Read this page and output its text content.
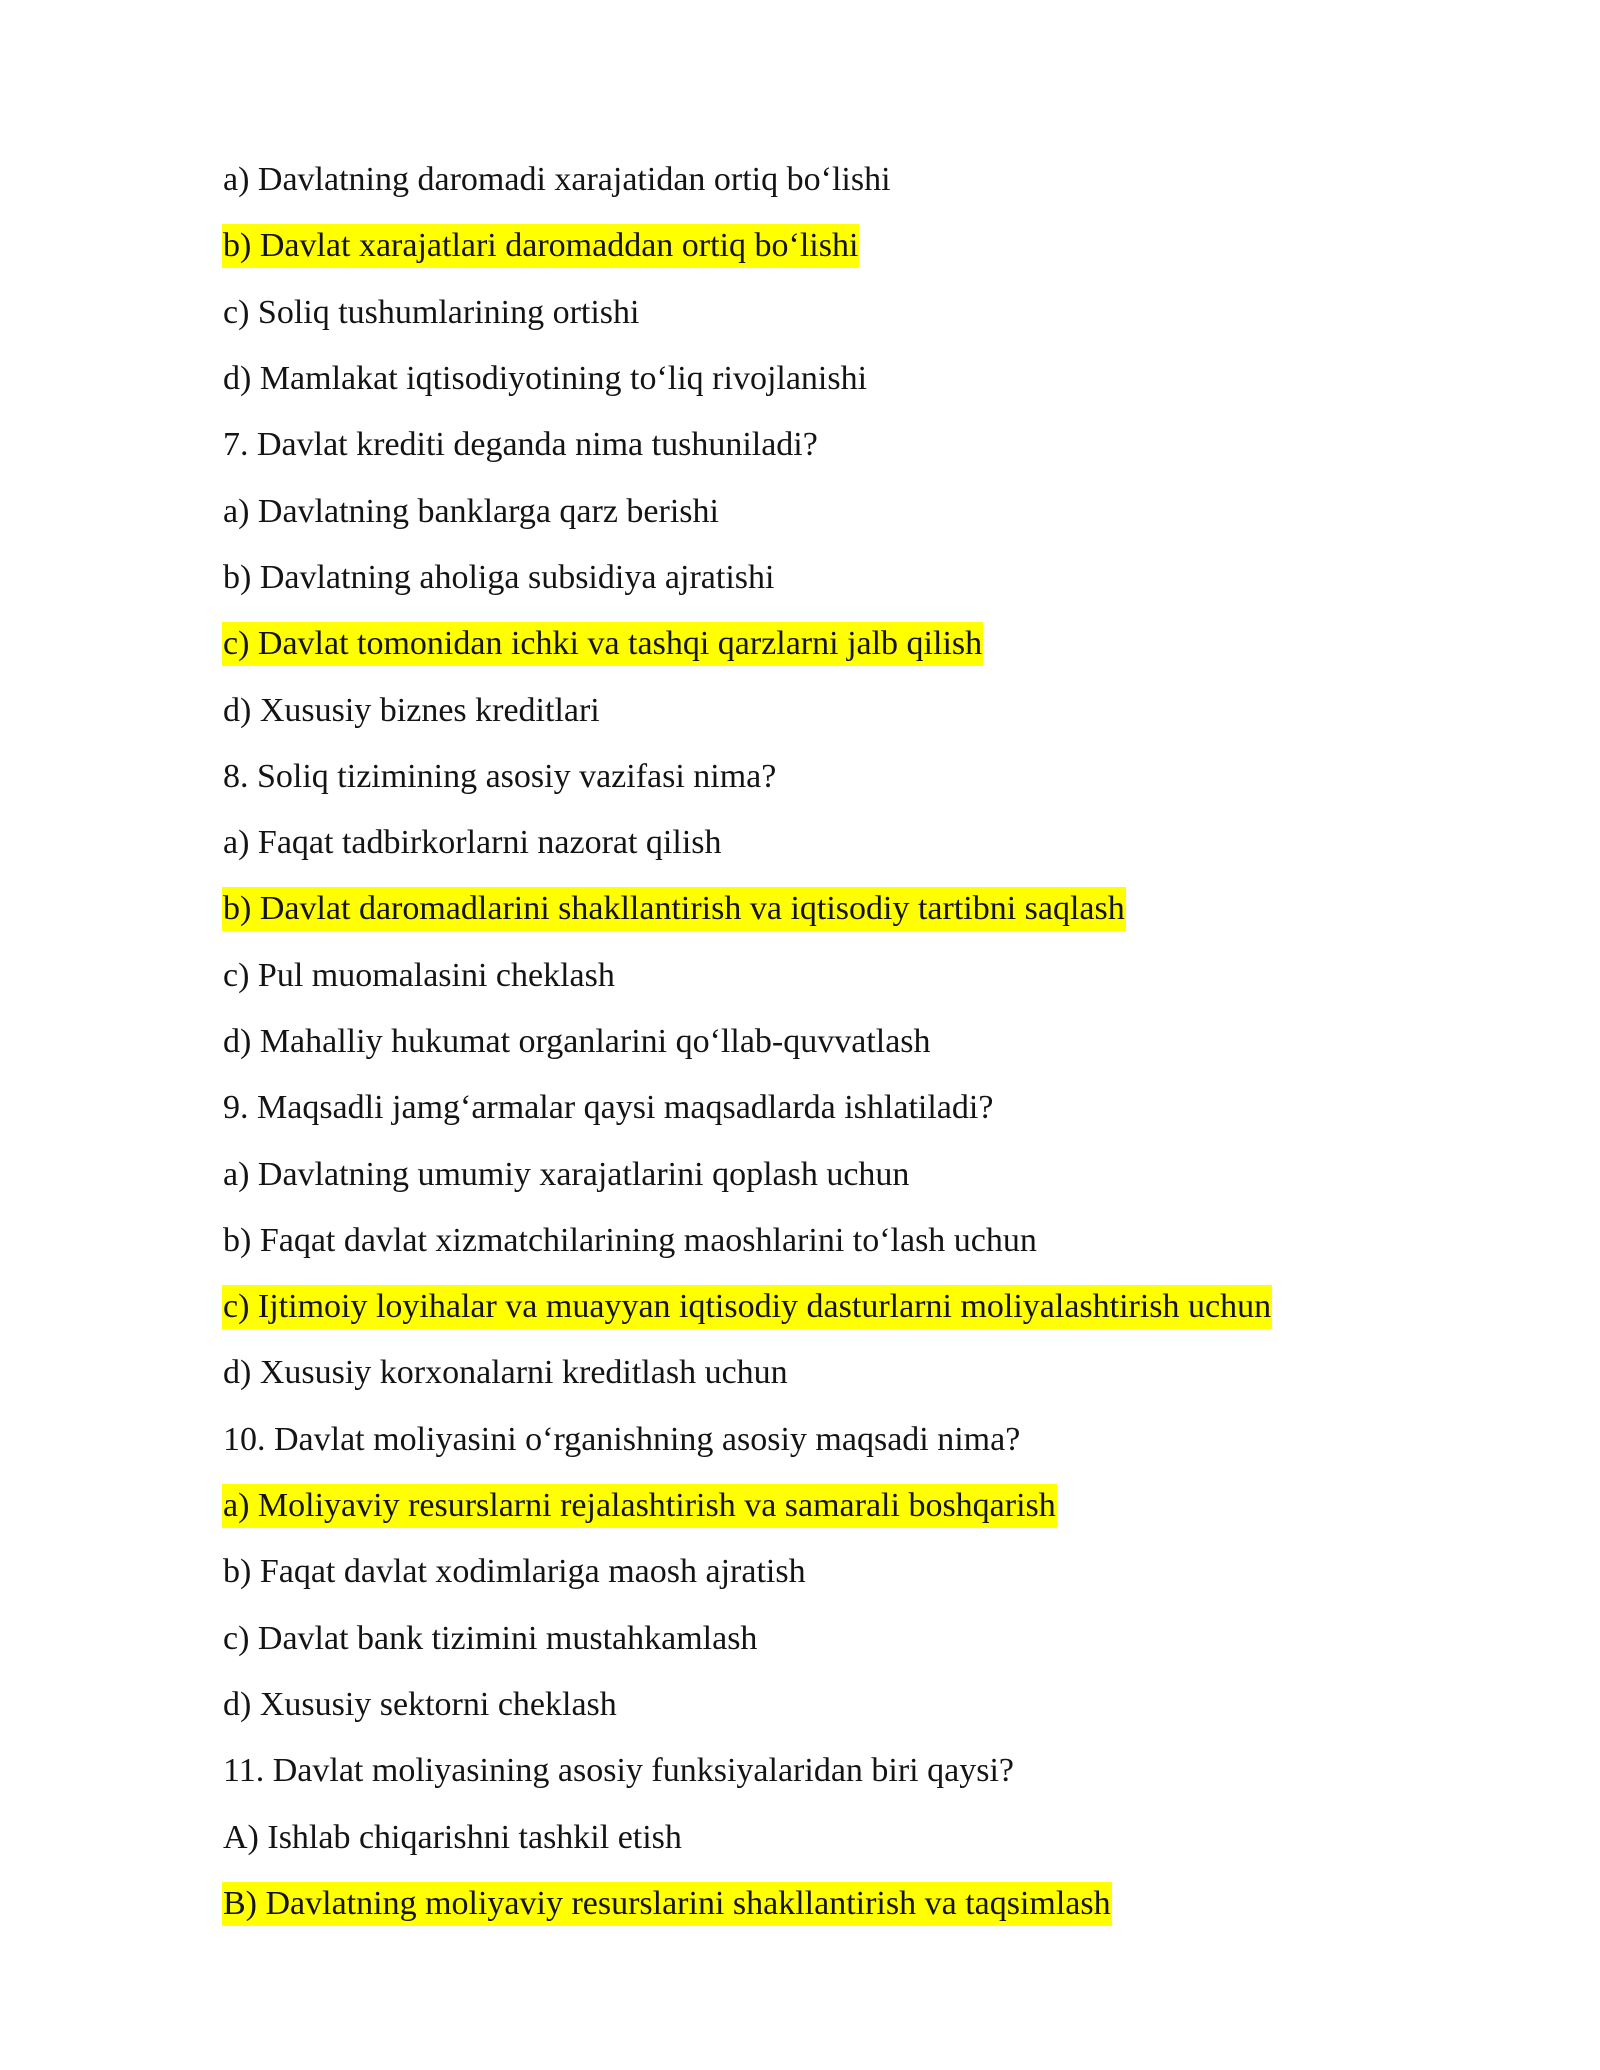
a) Davlatning daromadi xarajatidan ortiq bo‘lishi
b) Davlat xarajatlari daromaddan ortiq bo‘lishi
c) Soliq tushumlarining ortishi
d) Mamlakat iqtisodiyotining to‘liq rivojlanishi
7. Davlat krediti deganda nima tushuniladi?
a) Davlatning banklarga qarz berishi
b) Davlatning aholiga subsidiya ajratishi
c) Davlat tomonidan ichki va tashqi qarzlarni jalb qilish
d) Xususiy biznes kreditlari
8. Soliq tizimining asosiy vazifasi nima?
a) Faqat tadbirkorlarni nazorat qilish
b) Davlat daromadlarini shakllantirish va iqtisodiy tartibni saqlash
c) Pul muomalasini cheklash
d) Mahalliy hukumat organlarini qo‘llab-quvvatlash
9. Maqsadli jamg‘armalar qaysi maqsadlarda ishlatiladi?
a) Davlatning umumiy xarajatlarini qoplash uchun
b) Faqat davlat xizmatchilarining maoshlarini to‘lash uchun
c) Ijtimoiy loyihalar va muayyan iqtisodiy dasturlarni moliyalashtirish uchun
d) Xususiy korxonalarni kreditlash uchun
10. Davlat moliyasini o‘rganishning asosiy maqsadi nima?
a) Moliyaviy resurslarni rejalashtirish va samarali boshqarish
b) Faqat davlat xodimlariga maosh ajratish
c) Davlat bank tizimini mustahkamlash
d) Xususiy sektorni cheklash
11. Davlat moliyasining asosiy funksiyalaridan biri qaysi?
A) Ishlab chiqarishni tashkil etish
B) Davlatning moliyaviy resurslarini shakllantirish va taqsimlash
